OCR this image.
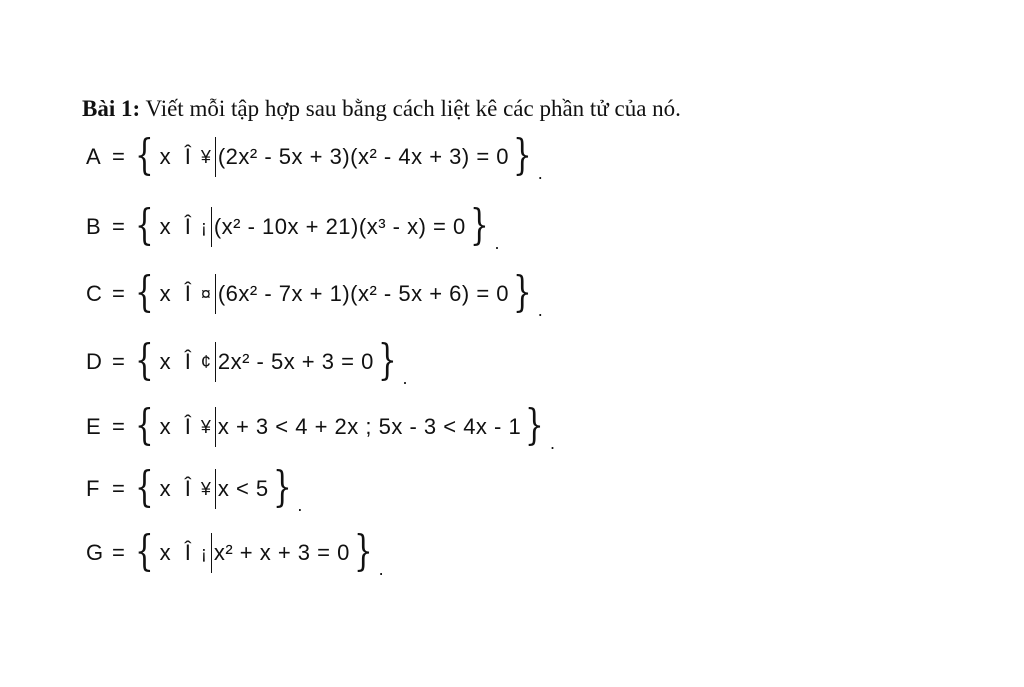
Bài 1: Viết mỗi tập hợp sau bằng cách liệt kê các phần tử của nó.
A = { x Î ¥ (2x² - 5x + 3)(x² - 4x + 3) = 0 } .
B = { x Î ¡ (x² - 10x + 21)(x³ - x) = 0 } .
C = { x Î ¤ (6x² - 7x + 1)(x² - 5x + 6) = 0 } .
D = { x Î ¢ 2x² - 5x + 3 = 0 } .
E = { x Î ¥ x + 3 < 4 + 2x ; 5x - 3 < 4x - 1 } .
F = { x Î ¥ x < 5 } .
G = { x Î ¡ x² + x + 3 = 0 } .
